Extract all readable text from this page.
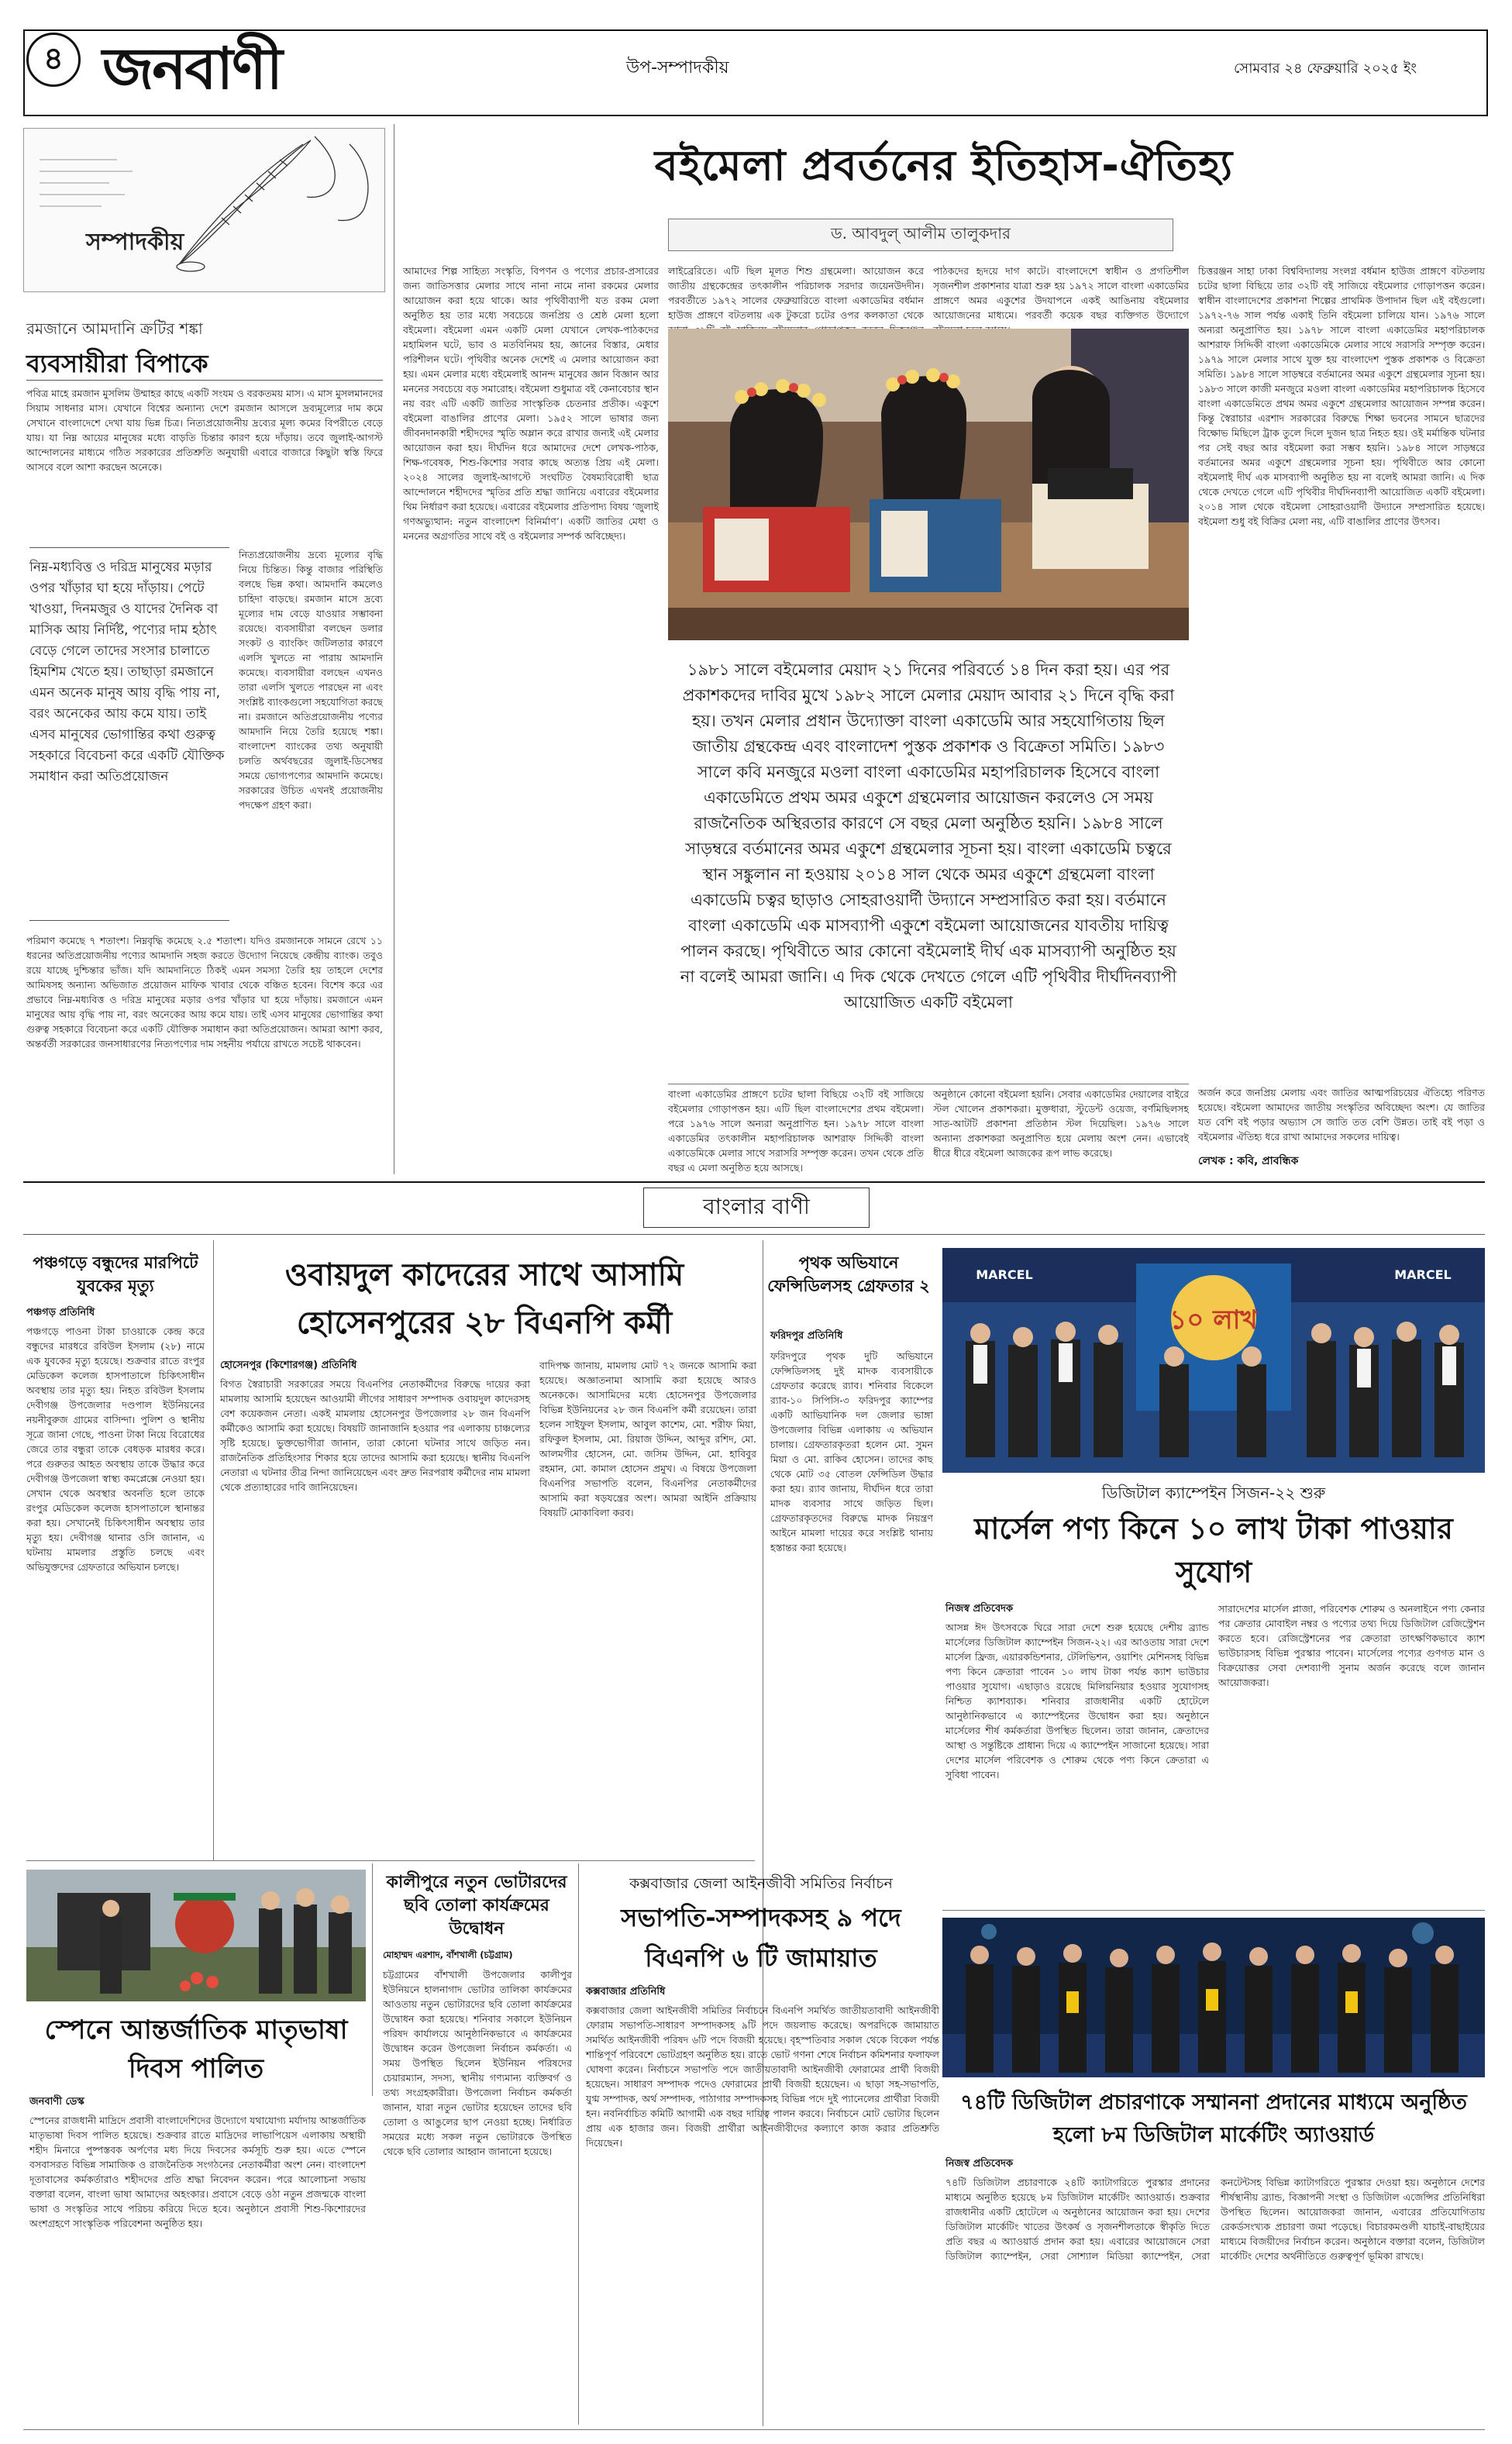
৪ জনবাণী	উপ-সম্পাদকীয়	সোমবার ২৪ ফেব্রুয়ারি ২০২৫ ইং
সম্পাদকীয়
রমজানে আমদানি ক্রটির শঙ্কা
ব্যবসায়ীরা বিপাকে
পবিত্র মাহে রমজান মুসলিম উম্মাহর কাছে একটি সংযম ও বরকতময় মাস। এ মাস মুসলমানদের সিয়াম সাধনার মাস। যেখানে বিশ্বের অন্যান্য দেশে রমজান আসলে দ্রব্যমূল্যের দাম কমে সেখানে বাংলাদেশে দেখা যায় ভিন্ন চিত্র। নিত্যপ্রয়োজনীয় দ্রব্যের মূল্য কমের বিপরীতে বেড়ে যায়। যা নিম্ন আয়ের মানুষের মধ্যে বাড়তি চিন্তার কারণ হয়ে দাঁড়ায়। তবে জুলাই-আগস্ট আন্দোলনের মাধ্যমে গঠিত সরকারের প্রতিশ্রুতি অনুযায়ী এবারে বাজারে কিছুটা স্বস্তি ফিরে আসবে বলে আশা করছেন অনেকে।
নিম্ন-মধ্যবিত্ত ও দরিদ্র মানুষের মড়ার ওপর খাঁড়ার ঘা হয়ে দাঁড়ায়। পেটে খাওয়া, দিনমজুর ও যাদের দৈনিক বা মাসিক আয় নির্দিষ্ট, পণ্যের দাম হঠাৎ বেড়ে গেলে তাদের সংসার চালাতে হিমশিম খেতে হয়। তাছাড়া রমজানে এমন অনেক মানুষ আয় বৃদ্ধি পায় না, বরং অনেকের আয় কমে যায়। তাই এসব মানুষের ভোগান্তির কথা গুরুত্ব সহকারে বিবেচনা করে একটি যৌক্তিক সমাধান করা অতিপ্রয়োজন
নিত্যপ্রয়োজনীয় দ্রব্যে মূল্যের বৃদ্ধি নিয়ে চিন্তিত। কিন্তু বাজার পরিস্থিতি বলছে ভিন্ন কথা। আমদানি কমলেও চাহিদা বাড়ছে। রমজান মাসে দ্রব্যে মূল্যের দাম বেড়ে যাওয়ার সম্ভাবনা রয়েছে। ব্যবসায়ীরা বলছেন ডলার সংকট ও ব্যাংকিং জটিলতার কারণে এলসি খুলতে না পারায় আমদানি কমেছে। ব্যবসায়ীরা বলছেন এখনও তারা এলসি খুলতে পারছেন না এবং সংশ্লিষ্ট ব্যাংকগুলো সহযোগিতা করছে না। রমজানে অতিপ্রয়োজনীয় পণ্যের আমদানি নিয়ে তৈরি হয়েছে শঙ্কা। বাংলাদেশ ব্যাংকের তথ্য অনুযায়ী চলতি অর্থবছরের জুলাই-ডিসেম্বর সময়ে ভোগ্যপণ্যের আমদানি কমেছে। সরকারের উচিত এখনই প্রয়োজনীয় পদক্ষেপ গ্রহণ করা।
পরিমাণ কমেছে ৭ শতাংশ। নিম্নবৃদ্ধি কমেছে ২.৫ শতাংশ। যদিও রমজানকে সামনে রেখে ১১ ধরনের অতিপ্রয়োজনীয় পণ্যের আমদানি সহজ করতে উদ্যোগ নিয়েছে কেন্দ্রীয় ব্যাংক। তবুও রয়ে যাচ্ছে দুশ্চিন্তার ভাঁজ। যদি আমদানিতে ঠিকই এমন সমস্যা তৈরি হয় তাহলে দেশের আমিষসহ অন্যান্য অভিজাত প্রয়োজন মাফিক খাবার থেকে বঞ্চিত হবেন। বিশেষ করে এর প্রভাবে নিম্ন-মধ্যবিত্ত ও দরিদ্র মানুষের মড়ার ওপর খাঁড়ার ঘা হয়ে দাঁড়ায়। রমজানে এমন মানুষের আয় বৃদ্ধি পায় না, বরং অনেকের আয় কমে যায়। তাই এসব মানুষের ভোগান্তির কথা গুরুত্ব সহকারে বিবেচনা করে একটি যৌক্তিক সমাধান করা অতিপ্রয়োজন। আমরা আশা করব, অন্তর্বর্তী সরকারের জনসাধারণের নিত্যপণ্যের দাম সহনীয় পর্যায়ে রাখতে সচেষ্ট থাকবেন।
বইমেলা প্রবর্তনের ইতিহাস-ঐতিহ্য
ড. আবদুল্ আলীম তালুকদার
আমাদের শিল্প সাহিত্য সংস্কৃতি, বিপণন ও পণ্যের প্রচার-প্রসারের জন্য জাতিসত্তার মেলার সাথে নানা নামে নানা রকমের মেলার আয়োজন করা হয়ে থাকে। আর পৃথিবীব্যাপী যত রকম মেলা অনুষ্ঠিত হয় তার মধ্যে সবচেয়ে জনপ্রিয় ও শ্রেষ্ঠ মেলা হলো বইমেলা। বইমেলা এমন একটি মেলা যেখানে লেখক-পাঠকদের মহামিলন ঘটে, ভাব ও মতবিনিময় হয়, জ্ঞানের বিস্তার, মেধার পরিশীলন ঘটে। পৃথিবীর অনেক দেশেই এ মেলার আয়োজন করা হয়। এমন মেলার মধ্যে বইমেলাই আনন্দ মানুষের জ্ঞান বিজ্ঞান আর মননের সবচেয়ে বড় সমারোহ। বইমেলা শুধুমাত্র বই কেনাবেচার স্থান নয় বরং এটি একটি জাতির সাংস্কৃতিক চেতনার প্রতীক। একুশে বইমেলা বাঙালির প্রাণের মেলা। ১৯৫২ সালে ভাষার জন্য জীবনদানকারী শহীদদের স্মৃতি অম্লান করে রাখার জন্যই এই মেলার আয়োজন করা হয়। দীর্ঘদিন ধরে আমাদের দেশে লেখক-পাঠক, শিক্ষ-গবেষক, শিশু-কিশোর সবার কাছে অত্যন্ত প্রিয় এই মেলা। ২০২৪ সালের জুলাই-আগস্টে সংঘটিত বৈষম্যবিরোধী ছাত্র আন্দোলনে শহীদদের স্মৃতির প্রতি শ্রদ্ধা জানিয়ে এবারের বইমেলার থিম নির্ধারণ করা হয়েছে। এবারের বইমেলার প্রতিপাদ্য বিষয় ‘জুলাই গণঅভ্যুত্থান: নতুন বাংলাদেশ বিনির্মাণ’। একটি জাতির মেধা ও মননের অগ্রগতির সাথে বই ও বইমেলার সম্পর্ক অবিচ্ছেদ্য।
লাইব্রেরিতে। এটি ছিল মূলত শিশু গ্রন্থমেলা। আয়োজন করে জাতীয় গ্রন্থকেন্দ্রের তৎকালীন পরিচালক সরদার জয়েনউদদীন। পরবর্তীতে ১৯৭২ সালের ফেব্রুয়ারিতে বাংলা একাডেমির বর্ধমান হাউজ প্রাঙ্গণে বটতলায় এক টুকরো চটের ওপর কলকাতা থেকে
পাঠকদের হৃদয়ে দাগ কাটে। বাংলাদেশে স্বাধীন ও প্রগতিশীল সৃজনশীল প্রকাশনার যাত্রা শুরু হয় ১৯৭২ সালে বাংলা একাডেমির প্রাঙ্গণে অমর একুশের উদযাপনে একই আঙিনায় বইমেলার আয়োজনের মাধ্যমে। পরবর্তী কয়েক বছর ব্যক্তিগত উদ্যোগে
চিত্তরঞ্জন সাহা ঢাকা বিশ্ববিদ্যালয় সংলগ্ন বর্ধমান হাউজ প্রাঙ্গণে বটতলায় চটের ছালা বিছিয়ে তার ৩২টি বই সাজিয়ে বইমেলার গোড়াপত্তন করেন। স্বাধীন বাংলাদেশের প্রকাশনা শিল্পের প্রাথমিক উপাদান ছিল এই বইগুলো। ১৯৭২-৭৬ সাল পর্যন্ত একাই তিনি বইমেলা চালিয়ে যান। ১৯৭৬ সালে অন্যরা অনুপ্রাণিত হয়। ১৯৭৮ সালে বাংলা একাডেমির মহাপরিচালক আশরাফ সিদ্দিকী বাংলা একাডেমিকে মেলার সাথে সরাসরি সম্পৃক্ত করেন। ১৯৭৯ সালে মেলার সাথে যুক্ত হয় বাংলাদেশ পুস্তক প্রকাশক ও বিক্রেতা সমিতি। ১৯৮৪ সালে সাড়ম্বরে বর্তমানের অমর একুশে গ্রন্থমেলার সূচনা হয়। ১৯৮৩ সালে কাজী মনজুরে মওলা বাংলা একাডেমির মহাপরিচালক হিসেবে বাংলা একাডেমিতে প্রথম অমর একুশে গ্রন্থমেলার আয়োজন সম্পন্ন করেন। কিন্তু স্বৈরাচার এরশাদ সরকারের বিরুদ্ধে শিক্ষা ভবনের সামনে ছাত্রদের বিক্ষোভ মিছিলে ট্রাক তুলে দিলে দুজন ছাত্র নিহত হয়। ওই মর্মান্তিক ঘটনার পর সেই বছর আর বইমেলা করা সম্ভব হয়নি। ১৯৮৪ সালে সাড়ম্বরে বর্তমানের অমর একুশে গ্রন্থমেলার সূচনা হয়। পৃথিবীতে আর কোনো বইমেলাই দীর্ঘ এক মাসব্যাপী অনুষ্ঠিত হয় না বলেই আমরা জানি। এ দিক থেকে দেখতে গেলে এটি পৃথিবীর দীর্ঘদিনব্যাপী আয়োজিত একটি বইমেলা। ২০১৪ সাল থেকে বইমেলা সোহরাওয়ার্দী উদ্যানে সম্প্রসারিত হয়েছে। বইমেলা শুধু বই বিক্রির মেলা নয়, এটি বাঙালির প্রাণের উৎসব।
১৯৮১ সালে বইমেলার মেয়াদ ২১ দিনের পরিবর্তে ১৪ দিন করা হয়। এর পর প্রকাশকদের দাবির মুখে ১৯৮২ সালে মেলার মেয়াদ আবার ২১ দিনে বৃদ্ধি করা হয়। তখন মেলার প্রধান উদ্যোক্তা বাংলা একাডেমি আর সহযোগিতায় ছিল জাতীয় গ্রন্থকেন্দ্র এবং বাংলাদেশ পুস্তক প্রকাশক ও বিক্রেতা সমিতি। ১৯৮৩ সালে কবি মনজুরে মওলা বাংলা একাডেমির মহাপরিচালক হিসেবে বাংলা একাডেমিতে প্রথম অমর একুশে গ্রন্থমেলার আয়োজন করলেও সে সময় রাজনৈতিক অস্থিরতার কারণে সে বছর মেলা অনুষ্ঠিত হয়নি। ১৯৮৪ সালে সাড়ম্বরে বর্তমানের অমর একুশে গ্রন্থমেলার সূচনা হয়। বাংলা একাডেমি চত্বরে স্থান সঙ্কুলান না হওয়ায় ২০১৪ সাল থেকে অমর একুশে গ্রন্থমেলা বাংলা একাডেমি চত্বর ছাড়াও সোহরাওয়ার্দী উদ্যানে সম্প্রসারিত করা হয়। বর্তমানে বাংলা একাডেমি এক মাসব্যাপী একুশে বইমেলা আয়োজনের যাবতীয় দায়িত্ব পালন করছে। পৃথিবীতে আর কোনো বইমেলাই দীর্ঘ এক মাসব্যাপী অনুষ্ঠিত হয় না বলেই আমরা জানি। এ দিক থেকে দেখতে গেলে এটি পৃথিবীর দীর্ঘদিনব্যাপী আয়োজিত একটি বইমেলা
বাংলা একাডেমির প্রাঙ্গণে চটের ছালা বিছিয়ে ৩২টি বই সাজিয়ে বইমেলার গোড়াপত্তন হয়। এটি ছিল বাংলাদেশের প্রথম বইমেলা। পরে ১৯৭৬ সালে অন্যরা অনুপ্রাণিত হন। ১৯৭৮ সালে বাংলা একাডেমির তৎকালীন মহাপরিচালক আশরাফ সিদ্দিকী বাংলা একাডেমিকে মেলার সাথে সরাসরি সম্পৃক্ত করেন। তখন থেকে প্রতি বছর এ মেলা অনুষ্ঠিত হয়ে আসছে।
অনুষ্ঠানে কোনো বইমেলা হয়নি। সেবার একাডেমির দেয়ালের বাইরে স্টল খোলেন প্রকাশকরা। মুক্তধারা, স্টুডেন্ট ওয়েজ, বর্ণমিছিলসহ সাত-আটটি প্রকাশনা প্রতিষ্ঠান স্টল দিয়েছিল। ১৯৭৬ সালে অন্যান্য প্রকাশকরা অনুপ্রাণিত হয়ে মেলায় অংশ নেন। এভাবেই ধীরে ধীরে বইমেলা আজকের রূপ লাভ করেছে।
অর্জন করে জনপ্রিয় মেলায় এবং জাতির আত্মপরিচয়ের ঐতিহ্যে পরিণত হয়েছে। বইমেলা আমাদের জাতীয় সংস্কৃতির অবিচ্ছেদ্য অংশ। যে জাতির যত বেশি বই পড়ার অভ্যাস সে জাতি তত বেশি উন্নত। তাই বই পড়া ও বইমেলার ঐতিহ্য ধরে রাখা আমাদের সকলের দায়িত্ব।
লেখক : কবি, প্রাবন্ধিক
বাংলার বাণী
পঞ্চগড়ে বন্ধুদের মারপিটে যুবকের মৃত্যু
পঞ্চগড় প্রতিনিধি
পঞ্চগড়ে পাওনা টাকা চাওয়াকে কেন্দ্র করে বন্ধুদের মারধরে রবিউল ইসলাম (২৮) নামে এক যুবকের মৃত্যু হয়েছে। শুক্রবার রাতে রংপুর মেডিকেল কলেজ হাসপাতালে চিকিৎসাধীন অবস্থায় তার মৃত্যু হয়। নিহত রবিউল ইসলাম দেবীগঞ্জ উপজেলার দণ্ডপাল ইউনিয়নের নয়নীবুরুজ গ্রামের বাসিন্দা। পুলিশ ও স্থানীয় সূত্রে জানা গেছে, পাওনা টাকা নিয়ে বিরোধের জেরে তার বন্ধুরা তাকে বেধড়ক মারধর করে। পরে গুরুতর আহত অবস্থায় তাকে উদ্ধার করে দেবীগঞ্জ উপজেলা স্বাস্থ্য কমপ্লেক্সে নেওয়া হয়। সেখান থেকে অবস্থার অবনতি হলে তাকে রংপুর মেডিকেল কলেজ হাসপাতালে স্থানান্তর করা হয়। সেখানেই চিকিৎসাধীন অবস্থায় তার মৃত্যু হয়। দেবীগঞ্জ থানার ওসি জানান, এ ঘটনায় মামলার প্রস্তুতি চলছে এবং অভিযুক্তদের গ্রেফতারে অভিযান চলছে।
ওবায়দুল কাদেরের সাথে আসামি হোসেনপুরের ২৮ বিএনপি কর্মী
হোসেনপুর (কিশোরগঞ্জ) প্রতিনিধি
বিগত স্বৈরাচারী সরকারের সময়ে বিএনপির নেতাকর্মীদের বিরুদ্ধে দায়ের করা মামলায় আসামি হয়েছেন আওয়ামী লীগের সাধারণ সম্পাদক ওবায়দুল কাদেরসহ বেশ কয়েকজন নেতা। একই মামলায় হোসেনপুর উপজেলার ২৮ জন বিএনপি কর্মীকেও আসামি করা হয়েছে। বিষয়টি জানাজানি হওয়ার পর এলাকায় চাঞ্চল্যের সৃষ্টি হয়েছে। ভুক্তভোগীরা জানান, তারা কোনো ঘটনার সাথে জড়িত নন। রাজনৈতিক প্রতিহিংসার শিকার হয়ে তাদের আসামি করা হয়েছে। স্থানীয় বিএনপি নেতারা এ ঘটনার তীব্র নিন্দা জানিয়েছেন এবং দ্রুত নিরপরাধ কর্মীদের নাম মামলা থেকে প্রত্যাহারের দাবি জানিয়েছেন।
বাদিপক্ষ জানায়, মামলায় মোট ৭২ জনকে আসামি করা হয়েছে। অজ্ঞাতনামা আসামি করা হয়েছে আরও অনেককে। আসামিদের মধ্যে হোসেনপুর উপজেলার বিভিন্ন ইউনিয়নের ২৮ জন বিএনপি কর্মী রয়েছেন। তারা হলেন সাইফুল ইসলাম, আবুল কাশেম, মো. শরীফ মিয়া, রফিকুল ইসলাম, মো. রিয়াজ উদ্দিন, আব্দুর রশিদ, মো. আলমগীর হোসেন, মো. জসিম উদ্দিন, মো. হাবিবুর রহমান, মো. কামাল হোসেন প্রমুখ। এ বিষয়ে উপজেলা বিএনপির সভাপতি বলেন, বিএনপির নেতাকর্মীদের আসামি করা ষড়যন্ত্রের অংশ। আমরা আইনি প্রক্রিয়ায় বিষয়টি মোকাবিলা করব।
পৃথক অভিযানে ফেন্সিডিলসহ গ্রেফতার ২
ফরিদপুর প্রতিনিধি
ফরিদপুরে পৃথক দুটি অভিযানে ফেন্সিডিলসহ দুই মাদক ব্যবসায়ীকে গ্রেফতার করেছে র‌্যাব। শনিবার বিকেলে র‌্যাব-১০ সিপিসি-৩ ফরিদপুর ক্যাম্পের একটি আভিযানিক দল জেলার ভাঙ্গা উপজেলার বিভিন্ন এলাকায় এ অভিযান চালায়। গ্রেফতারকৃতরা হলেন মো. সুমন মিয়া ও মো. রাকিব হোসেন। তাদের কাছ থেকে মোট ৩৫ বোতল ফেন্সিডিল উদ্ধার করা হয়। র‌্যাব জানায়, দীর্ঘদিন ধরে তারা মাদক ব্যবসার সাথে জড়িত ছিল। গ্রেফতারকৃতদের বিরুদ্ধে মাদক নিয়ন্ত্রণ আইনে মামলা দায়ের করে সংশ্লিষ্ট থানায় হস্তান্তর করা হয়েছে।
১০ লাখ
MARCEL
MARCEL
ডিজিটাল ক্যাম্পেইন সিজন-২২ শুরু
মার্সেল পণ্য কিনে ১০ লাখ টাকা পাওয়ার সুযোগ
নিজস্ব প্রতিবেদক
আসন্ন ঈদ উৎসবকে ঘিরে সারা দেশে শুরু হয়েছে দেশীয় ব্র্যান্ড মার্সেলের ডিজিটাল ক্যাম্পেইন সিজন-২২। এর আওতায় সারা দেশে মার্সেল ফ্রিজ, এয়ারকন্ডিশনার, টেলিভিশন, ওয়াশিং মেশিনসহ বিভিন্ন পণ্য কিনে ক্রেতারা পাবেন ১০ লাখ টাকা পর্যন্ত ক্যাশ ভাউচার পাওয়ার সুযোগ। এছাড়াও রয়েছে মিলিয়নিয়ার হওয়ার সুযোগসহ নিশ্চিত ক্যাশব্যাক। শনিবার রাজধানীর একটি হোটেলে আনুষ্ঠানিকভাবে এ ক্যাম্পেইনের উদ্বোধন করা হয়। অনুষ্ঠানে মার্সেলের শীর্ষ কর্মকর্তারা উপস্থিত ছিলেন। তারা জানান, ক্রেতাদের আস্থা ও সন্তুষ্টিকে প্রাধান্য দিয়ে এ ক্যাম্পেইন সাজানো হয়েছে। সারা দেশের মার্সেল পরিবেশক ও শোরুম থেকে পণ্য কিনে ক্রেতারা এ সুবিধা পাবেন।
সারাদেশের মার্সেল প্লাজা, পরিবেশক শোরুম ও অনলাইনে পণ্য কেনার পর ক্রেতার মোবাইল নম্বর ও পণ্যের তথ্য দিয়ে ডিজিটাল রেজিস্ট্রেশন করতে হবে। রেজিস্ট্রেশনের পর ক্রেতারা তাৎক্ষণিকভাবে ক্যাশ ভাউচারসহ বিভিন্ন পুরস্কার পাবেন। মার্সেলের পণ্যের গুণগত মান ও বিক্রয়োত্তর সেবা দেশব্যাপী সুনাম অর্জন করেছে বলে জানান আয়োজকরা।
কালীপুরে নতুন ভোটারদের ছবি তোলা কার্যক্রমের উদ্বোধন
মোহাম্মদ এরশাদ, বাঁশখালী (চট্টগ্রাম)
চট্টগ্রামের বাঁশখালী উপজেলার কালীপুর ইউনিয়নে হালনাগাদ ভোটার তালিকা কার্যক্রমের আওতায় নতুন ভোটারদের ছবি তোলা কার্যক্রমের উদ্বোধন করা হয়েছে। শনিবার সকালে ইউনিয়ন পরিষদ কার্যালয়ে আনুষ্ঠানিকভাবে এ কার্যক্রমের উদ্বোধন করেন উপজেলা নির্বাচন কর্মকর্তা। এ সময় উপস্থিত ছিলেন ইউনিয়ন পরিষদের চেয়ারম্যান, সদস্য, স্থানীয় গণ্যমান্য ব্যক্তিবর্গ ও তথ্য সংগ্রহকারীরা। উপজেলা নির্বাচন কর্মকর্তা জানান, যারা নতুন ভোটার হয়েছেন তাদের ছবি তোলা ও আঙুলের ছাপ নেওয়া হচ্ছে। নির্ধারিত সময়ের মধ্যে সকল নতুন ভোটারকে উপস্থিত থেকে ছবি তোলার আহ্বান জানানো হয়েছে।
স্পেনে আন্তর্জাতিক মাতৃভাষা দিবস পালিত
জনবাণী ডেস্ক
স্পেনের রাজধানী মাদ্রিদে প্রবাসী বাংলাদেশিদের উদ্যোগে যথাযোগ্য মর্যাদায় আন্তর্জাতিক মাতৃভাষা দিবস পালিত হয়েছে। শুক্রবার রাতে মাদ্রিদের লাভাপিয়েস এলাকায় অস্থায়ী শহীদ মিনারে পুষ্পস্তবক অর্পণের মধ্য দিয়ে দিবসের কর্মসূচি শুরু হয়। এতে স্পেনে বসবাসরত বিভিন্ন সামাজিক ও রাজনৈতিক সংগঠনের নেতাকর্মীরা অংশ নেন। বাংলাদেশ দূতাবাসের কর্মকর্তারাও শহীদদের প্রতি শ্রদ্ধা নিবেদন করেন। পরে আলোচনা সভায় বক্তারা বলেন, বাংলা ভাষা আমাদের অহংকার। প্রবাসে বেড়ে ওঠা নতুন প্রজন্মকে বাংলা ভাষা ও সংস্কৃতির সাথে পরিচয় করিয়ে দিতে হবে। অনুষ্ঠানে প্রবাসী শিশু-কিশোরদের অংশগ্রহণে সাংস্কৃতিক পরিবেশনা অনুষ্ঠিত হয়।
কক্সবাজার জেলা আইনজীবী সমিতির নির্বাচন
সভাপতি-সম্পাদকসহ ৯ পদে বিএনপি ৬ টি জামায়াত
কক্সবাজার প্রতিনিধি
কক্সবাজার জেলা আইনজীবী সমিতির নির্বাচনে বিএনপি সমর্থিত জাতীয়তাবাদী আইনজীবী ফোরাম সভাপতি-সাধারণ সম্পাদকসহ ৯টি পদে জয়লাভ করেছে। অপরদিকে জামায়াত সমর্থিত আইনজীবী পরিষদ ৬টি পদে বিজয়ী হয়েছে। বৃহস্পতিবার সকাল থেকে বিকেল পর্যন্ত শান্তিপূর্ণ পরিবেশে ভোটগ্রহণ অনুষ্ঠিত হয়। রাতে ভোট গণনা শেষে নির্বাচন কমিশনার ফলাফল ঘোষণা করেন। নির্বাচনে সভাপতি পদে জাতীয়তাবাদী আইনজীবী ফোরামের প্রার্থী বিজয়ী হয়েছেন। সাধারণ সম্পাদক পদেও ফোরামের প্রার্থী বিজয়ী হয়েছেন। এ ছাড়া সহ-সভাপতি, যুগ্ম সম্পাদক, অর্থ সম্পাদক, পাঠাগার সম্পাদকসহ বিভিন্ন পদে দুই প্যানেলের প্রার্থীরা বিজয়ী হন। নবনির্বাচিত কমিটি আগামী এক বছর দায়িত্ব পালন করবে। নির্বাচনে মোট ভোটার ছিলেন প্রায় এক হাজার জন। বিজয়ী প্রার্থীরা আইনজীবীদের কল্যাণে কাজ করার প্রতিশ্রুতি দিয়েছেন।
৭৪টি ডিজিটাল প্রচারণাকে সম্মাননা প্রদানের মাধ্যমে অনুষ্ঠিত হলো ৮ম ডিজিটাল মার্কেটিং অ্যাওয়ার্ড
নিজস্ব প্রতিবেদক
৭৪টি ডিজিটাল প্রচারণাকে ২৪টি ক্যাটাগরিতে পুরস্কার প্রদানের মাধ্যমে অনুষ্ঠিত হয়েছে ৮ম ডিজিটাল মার্কেটিং অ্যাওয়ার্ড। শুক্রবার রাজধানীর একটি হোটেলে এ অনুষ্ঠানের আয়োজন করা হয়। দেশের ডিজিটাল মার্কেটিং খাতের উৎকর্ষ ও সৃজনশীলতাকে স্বীকৃতি দিতে প্রতি বছর এ অ্যাওয়ার্ড প্রদান করা হয়। এবারের আয়োজনে সেরা ডিজিটাল ক্যাম্পেইন, সেরা সোশ্যাল মিডিয়া ক্যাম্পেইন, সেরা কনটেন্টসহ বিভিন্ন ক্যাটাগরিতে পুরস্কার দেওয়া হয়। অনুষ্ঠানে দেশের শীর্ষস্থানীয় ব্র্যান্ড, বিজ্ঞাপনী সংস্থা ও ডিজিটাল এজেন্সির প্রতিনিধিরা উপস্থিত ছিলেন। আয়োজকরা জানান, এবারের প্রতিযোগিতায় রেকর্ডসংখ্যক প্রচারণা জমা পড়েছে। বিচারকমণ্ডলী যাচাই-বাছাইয়ের মাধ্যমে বিজয়ীদের নির্বাচন করেন। অনুষ্ঠানে বক্তারা বলেন, ডিজিটাল মার্কেটিং দেশের অর্থনীতিতে গুরুত্বপূর্ণ ভূমিকা রাখছে।
